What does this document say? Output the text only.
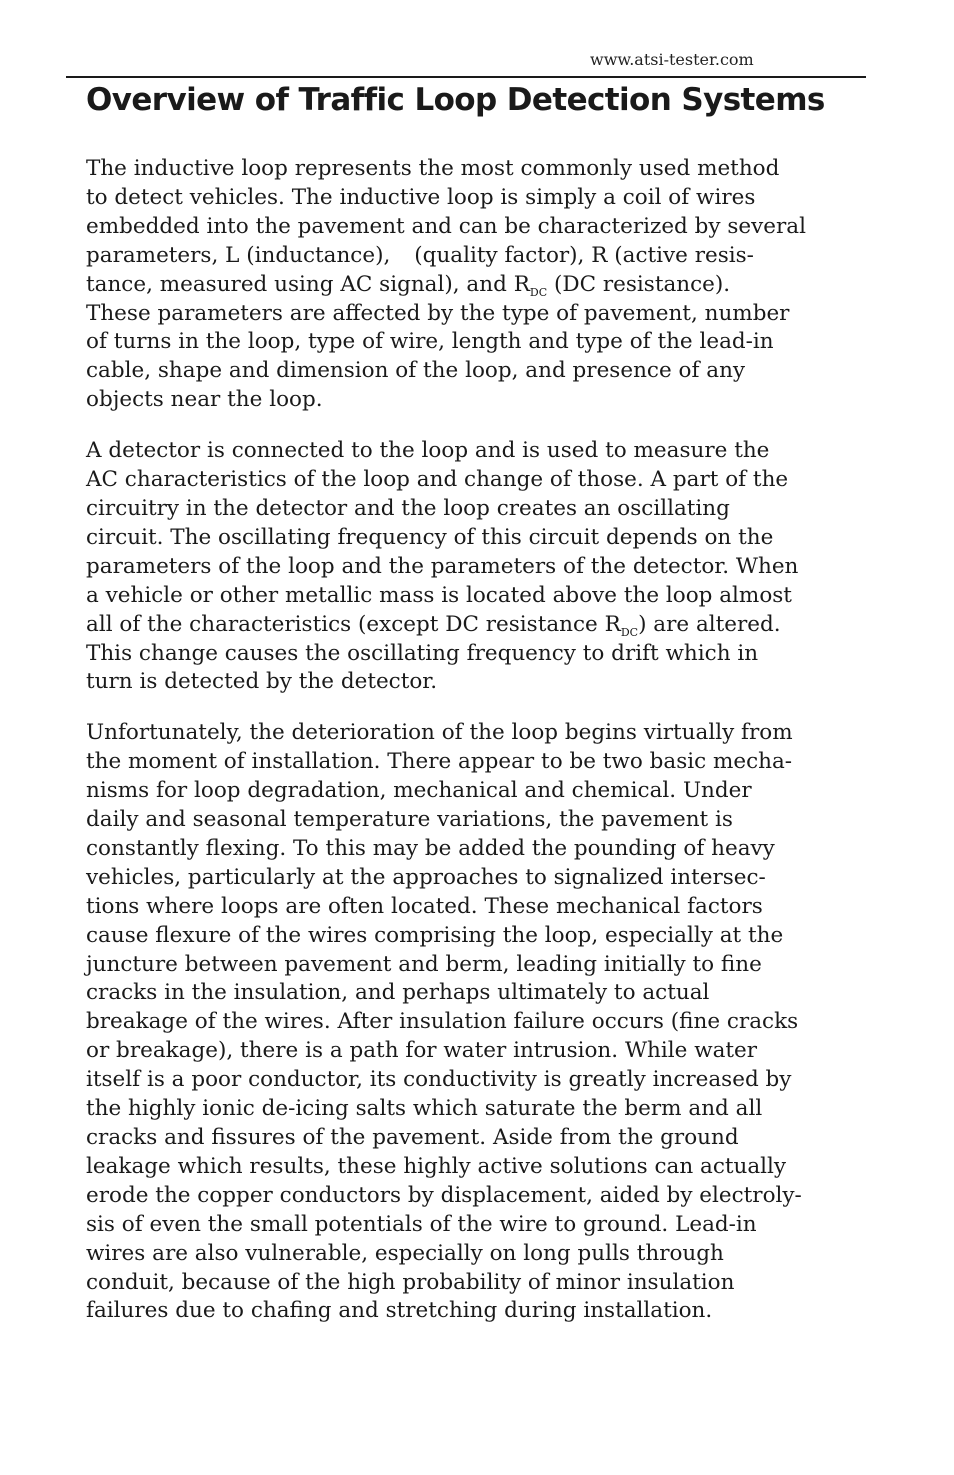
www.atsi-tester.com
Overview of Traffic Loop Detection Systems

The inductive loop represents the most commonly used method
to detect vehicles. The inductive loop is simply a coil of wires
embedded into the pavement and can be characterized by several
parameters, L (inductance), (quality factor), R (active resis-
tance, measured using AC signal), and $R_{DC}$ (DC resistance).
These parameters are affected by the type of pavement, number
of turns in the loop, type of wire, length and type of the lead-in
cable, shape and dimension of the loop, and presence of any
objects near the loop.

A detector is connected to the loop and is used to measure the
AC characteristics of the loop and change of those. A part of the
circuitry in the detector and the loop creates an oscillating
circuit. The oscillating frequency of this circuit depends on the
parameters of the loop and the parameters of the detector. When
a vehicle or other metallic mass is located above the loop almost
all of the characteristics (except DC resistance $R_{DC}$) are altered.
This change causes the oscillating frequency to drift which in
turn is detected by the detector.

Unfortunately, the deterioration of the loop begins virtually from
the moment of installation. There appear to be two basic mecha-
nisms for loop degradation, mechanical and chemical. Under
daily and seasonal temperature variations, the pavement is
constantly flexing. To this may be added the pounding of heavy
vehicles, particularly at the approaches to signalized intersec-
tions where loops are often located. These mechanical factors
cause flexure of the wires comprising the loop, especially at the
juncture between pavement and berm, leading initially to fine
cracks in the insulation, and perhaps ultimately to actual
breakage of the wires. After insulation failure occurs (fine cracks
or breakage), there is a path for water intrusion. While water
itself is a poor conductor, its conductivity is greatly increased by
the highly ionic de-icing salts which saturate the berm and all
cracks and fissures of the pavement. Aside from the ground
leakage which results, these highly active solutions can actually
erode the copper conductors by displacement, aided by electroly-
sis of even the small potentials of the wire to ground. Lead-in
wires are also vulnerable, especially on long pulls through
conduit, because of the high probability of minor insulation
failures due to chafing and stretching during installation.
